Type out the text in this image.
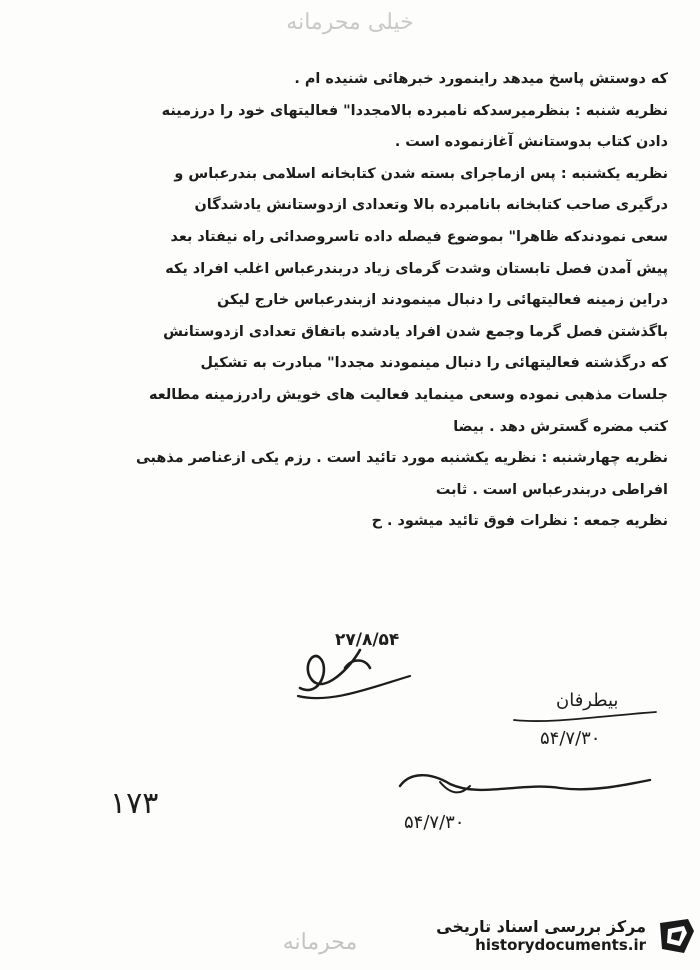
خیلی محرمانه
که دوستش پاسخ میدهد راینمورد خبرهائی شنیده ام .
نظریه شنبه : بنظرمیرسدکه نامبرده بالامجددا" فعالیتهای خود را درزمینه
دادن کتاب بدوستانش آغازنموده است .
نظریه یکشنبه : پس ازماجرای بسته شدن کتابخانه اسلامی بندرعباس و
درگیری صاحب کتابخانه بانامبرده بالا وتعدادی ازدوستانش یادشدگان
سعی نمودندکه ظاهرا" بموضوع فیصله داده تاسروصدائی راه نیفتاد بعد
پیش آمدن فصل تابستان وشدت گرمای زیاد دربندرعباس اغلب افراد یکه
دراین زمینه فعالیتهائی را دنبال مینمودند ازبندرعباس خارج لیکن
باگذشتن فصل گرما وجمع شدن افراد یادشده باتفاق تعدادی ازدوستانش
که درگذشته فعالیتهائی را دنبال مینمودند مجددا" مبادرت به تشکیل
جلسات مذهبی نموده وسعی مینماید فعالیت های خویش رادرزمینه مطالعه
کتب مضره گسترش دهد . بیضا
نظریه چهارشنبه : نظریه یکشنبه مورد تائید است . رزم یکی ازعناصر مذهبی
افراطی دربندرعباس است . ثابت
نظریه جمعه : نظرات فوق تائید میشود . ح
۲۷/۸/۵۴
بیطرفان
۵۴/۷/۳۰
۵۴/۷/۳۰
۱۷۳
محرمانه
مرکز بررسی اسناد تاریخی
historydocuments.ir
